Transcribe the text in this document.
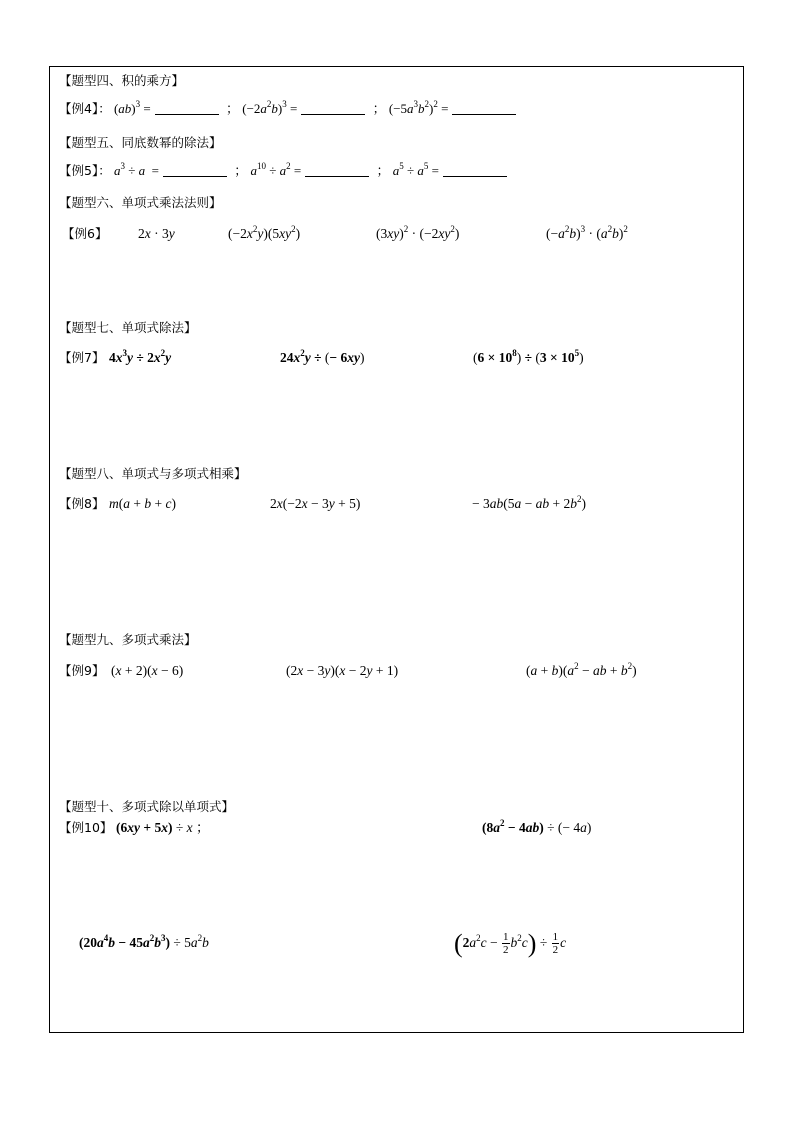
【题型四、积的乘方】
【例4】： (ab)$^3$ =	； $(-2a^2b)^3$ =	； $(-5a^3b^2)^2$ =
【题型五、同底数幂的除法】
【例5】： $a^3 \div a$  =	； $a^{10} \div a^2$ =	； $a^5 \div a^5$ =
【题型六、单项式乘法法则】
【例6】 2x · 3y	$(-2x^2y)(5xy^2)$	$(3xy)^2 \cdot (-2xy^2)$	$(-a^2b)^3 \cdot (a^2b)^2$
【题型七、单项式除法】
【例7】 $4x^3y \div 2x^2y$	$24x^2y$ ÷ (− 6xy)	$(6 \times 10^8) \div (3 \times 10^5)$
【题型八、单项式与多项式相乘】
【例8】 m(a + b + c)	2x(−2x − 3y + 5)	− 3ab(5a − ab + $2b^2$)
【题型九、多项式乘法】
【例9】 (x + 2)(x − 6)	(2x − 3y)(x − 2y + 1)	$(a + b)(a^2$ − ab + $b^2$)
【题型十、多项式除以单项式】
【例10】 (6xy + 5x) ÷ x ；	$(8a^2 - 4ab)$ ÷ (− 4a)
$(20a^4b - 45a^2b^3) \div 5a^2b$	$(2a^2c - \frac{1}{2} b^2c) \div \frac{1}{2}$ c
